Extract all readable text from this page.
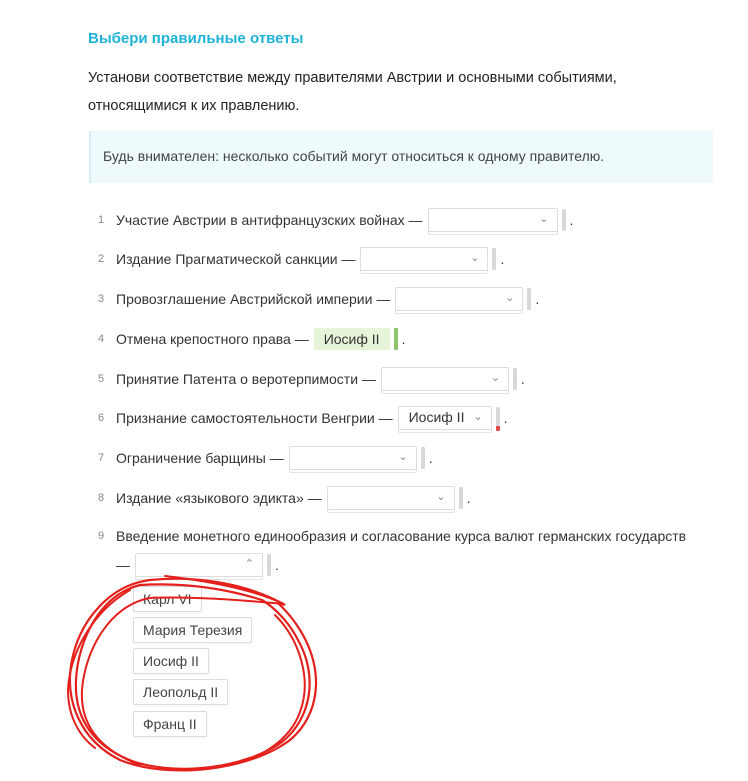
Выбери правильные ответы
Установи соответствие между правителями Австрии и основными событиями, относящимися к их правлению.
Будь внимателен: несколько событий могут относиться к одному правителю.
1 Участие Австрии в антифранцузских войнах —	⌄ .
2 Издание Прагматической санкции —	⌄ .
3 Провозглашение Австрийской империи —	⌄ .
4 Отмена крепостного права —	Иосиф II	.
5 Принятие Патента о веротерпимости —	⌄ .
6 Признание самостоятельности Венгрии — Иосиф II ⌄ .
7 Ограничение барщины —	⌄ .
8 Издание «языкового эдикта» —	⌄ .
9 Введение монетного единообразия и согласование курса валют германских государств
—	⌃ .
Карл VI
Мария Терезия
Иосиф II
Леопольд II
Франц II
